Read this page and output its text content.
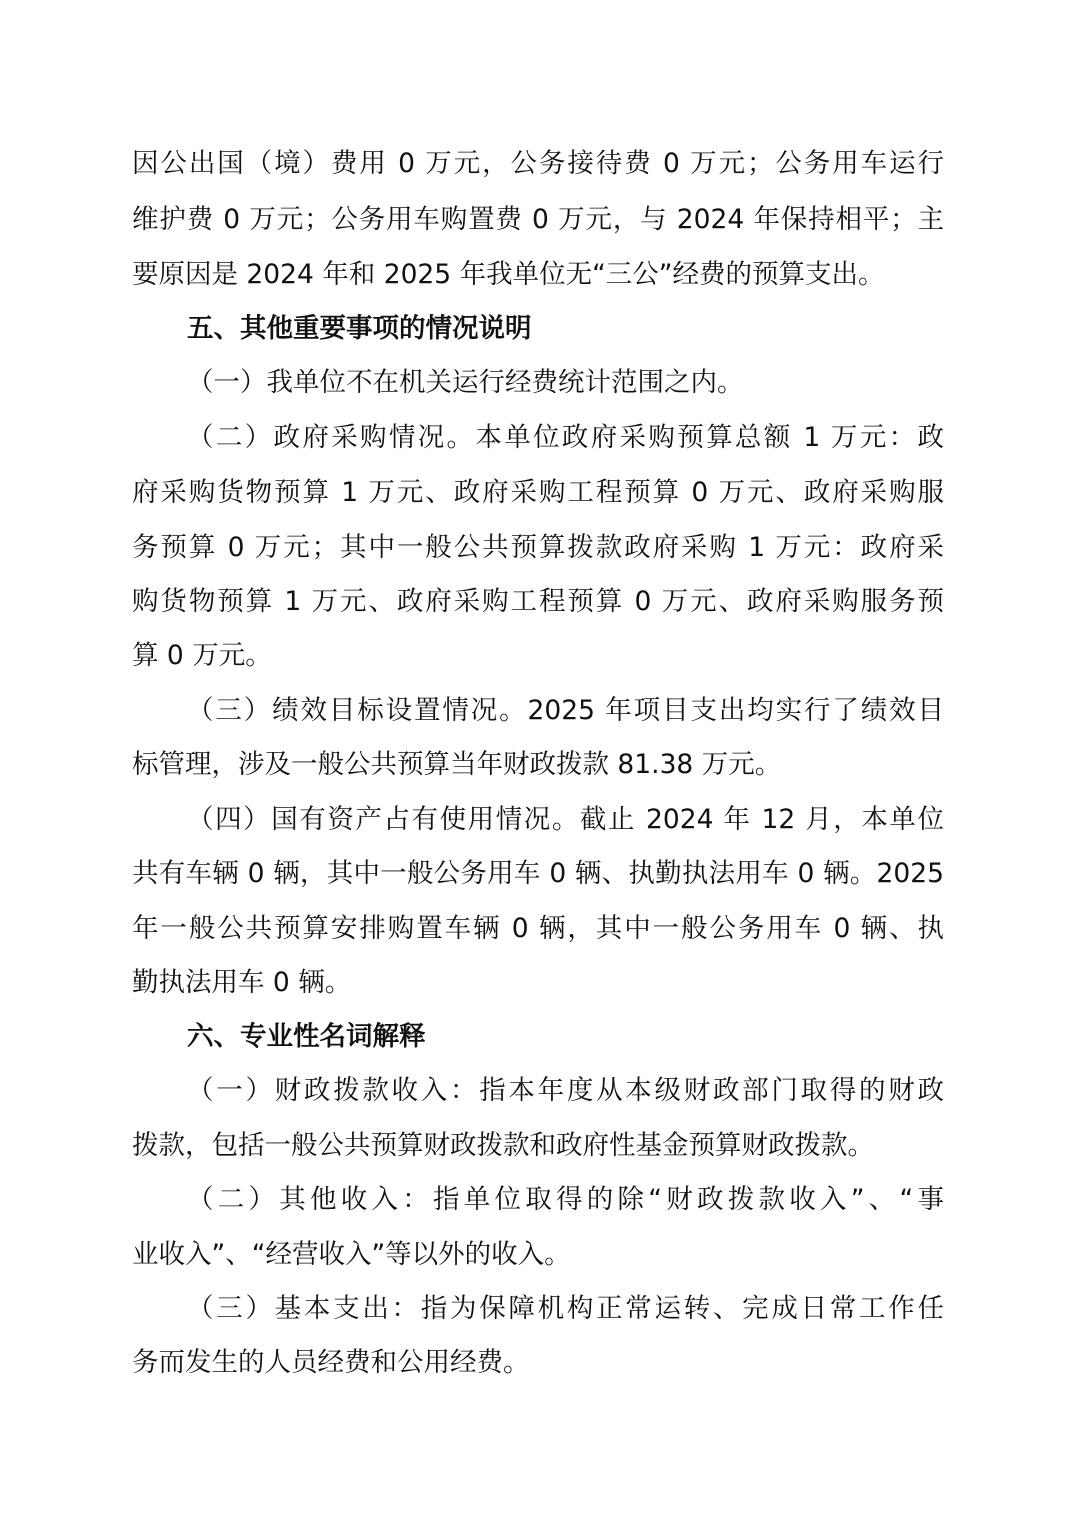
因公出国（境）费用 0 万元，公务接待费 0 万元；公务用车运行
维护费 0 万元；公务用车购置费 0 万元，与 2024 年保持相平；主
要原因是 2024 年和 2025 年我单位无“三公”经费的预算支出。
五、其他重要事项的情况说明
（一）我单位不在机关运行经费统计范围之内。
（二）政府采购情况。本单位政府采购预算总额 1 万元：政
府采购货物预算 1 万元、政府采购工程预算 0 万元、政府采购服
务预算 0 万元；其中一般公共预算拨款政府采购 1 万元：政府采
购货物预算 1 万元、政府采购工程预算 0 万元、政府采购服务预
算 0 万元。
（三）绩效目标设置情况。2025 年项目支出均实行了绩效目
标管理，涉及一般公共预算当年财政拨款 81.38 万元。
（四）国有资产占有使用情况。截止 2024 年 12 月，本单位
共有车辆 0 辆，其中一般公务用车 0 辆、执勤执法用车 0 辆。2025
年一般公共预算安排购置车辆 0 辆，其中一般公务用车 0 辆、执
勤执法用车 0 辆。
六、专业性名词解释
（一）财政拨款收入：指本年度从本级财政部门取得的财政
拨款，包括一般公共预算财政拨款和政府性基金预算财政拨款。
（二）其他收入：指单位取得的除“财政拨款收入”、“事
业收入”、“经营收入”等以外的收入。
（三）基本支出：指为保障机构正常运转、完成日常工作任
务而发生的人员经费和公用经费。
